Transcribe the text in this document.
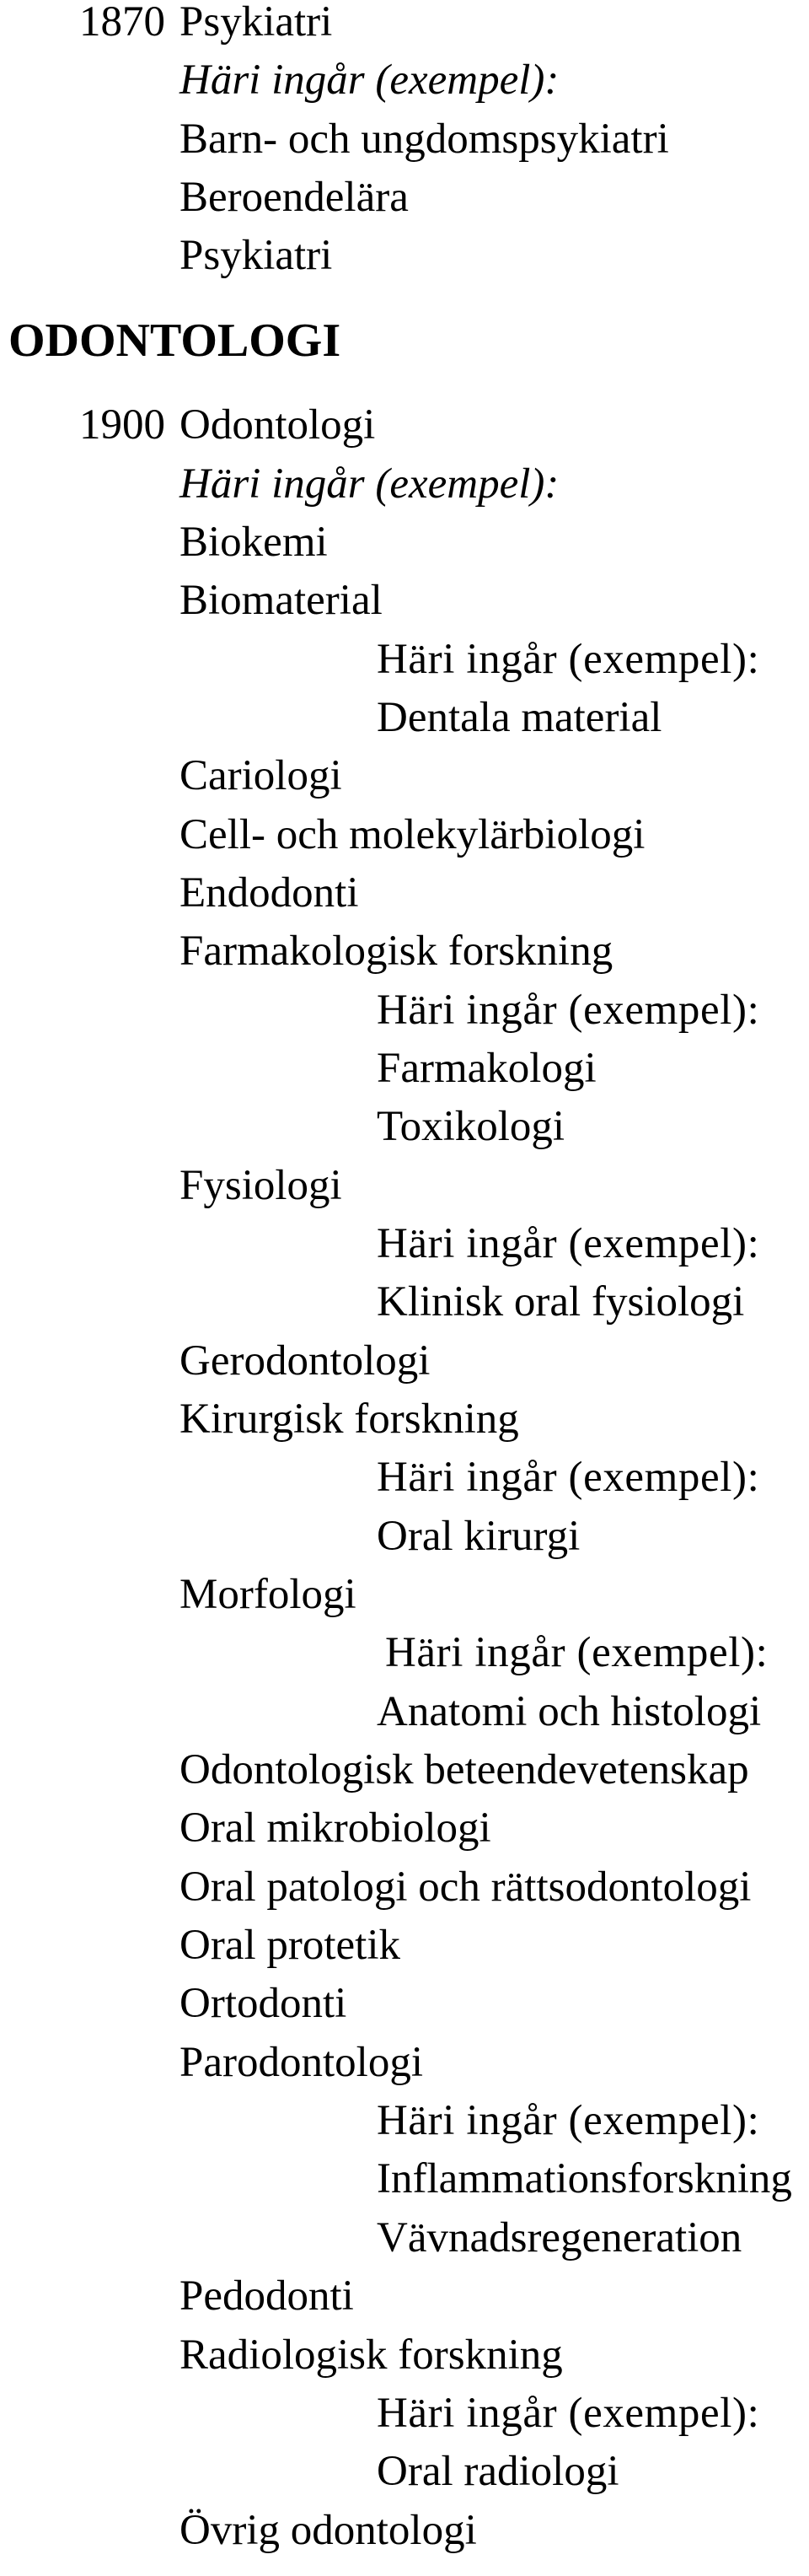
1870 Psykiatri
Häri ingår (exempel):
Barn- och ungdomspsykiatri
Beroendelära
Psykiatri
ODONTOLOGI
1900 Odontologi
Häri ingår (exempel):
Biokemi
Biomaterial
Häri ingår (exempel):
Dentala material
Cariologi
Cell- och molekylärbiologi
Endodonti
Farmakologisk forskning
Häri ingår (exempel):
Farmakologi
Toxikologi
Fysiologi
Häri ingår (exempel):
Klinisk oral fysiologi
Gerodontologi
Kirurgisk forskning
Häri ingår (exempel):
Oral kirurgi
Morfologi
Häri ingår (exempel):
Anatomi och histologi
Odontologisk beteendevetenskap
Oral mikrobiologi
Oral patologi och rättsodontologi
Oral protetik
Ortodonti
Parodontologi
Häri ingår (exempel):
Inflammationsforskning
Vävnadsregeneration
Pedodonti
Radiologisk forskning
Häri ingår (exempel):
Oral radiologi
Övrig odontologi
